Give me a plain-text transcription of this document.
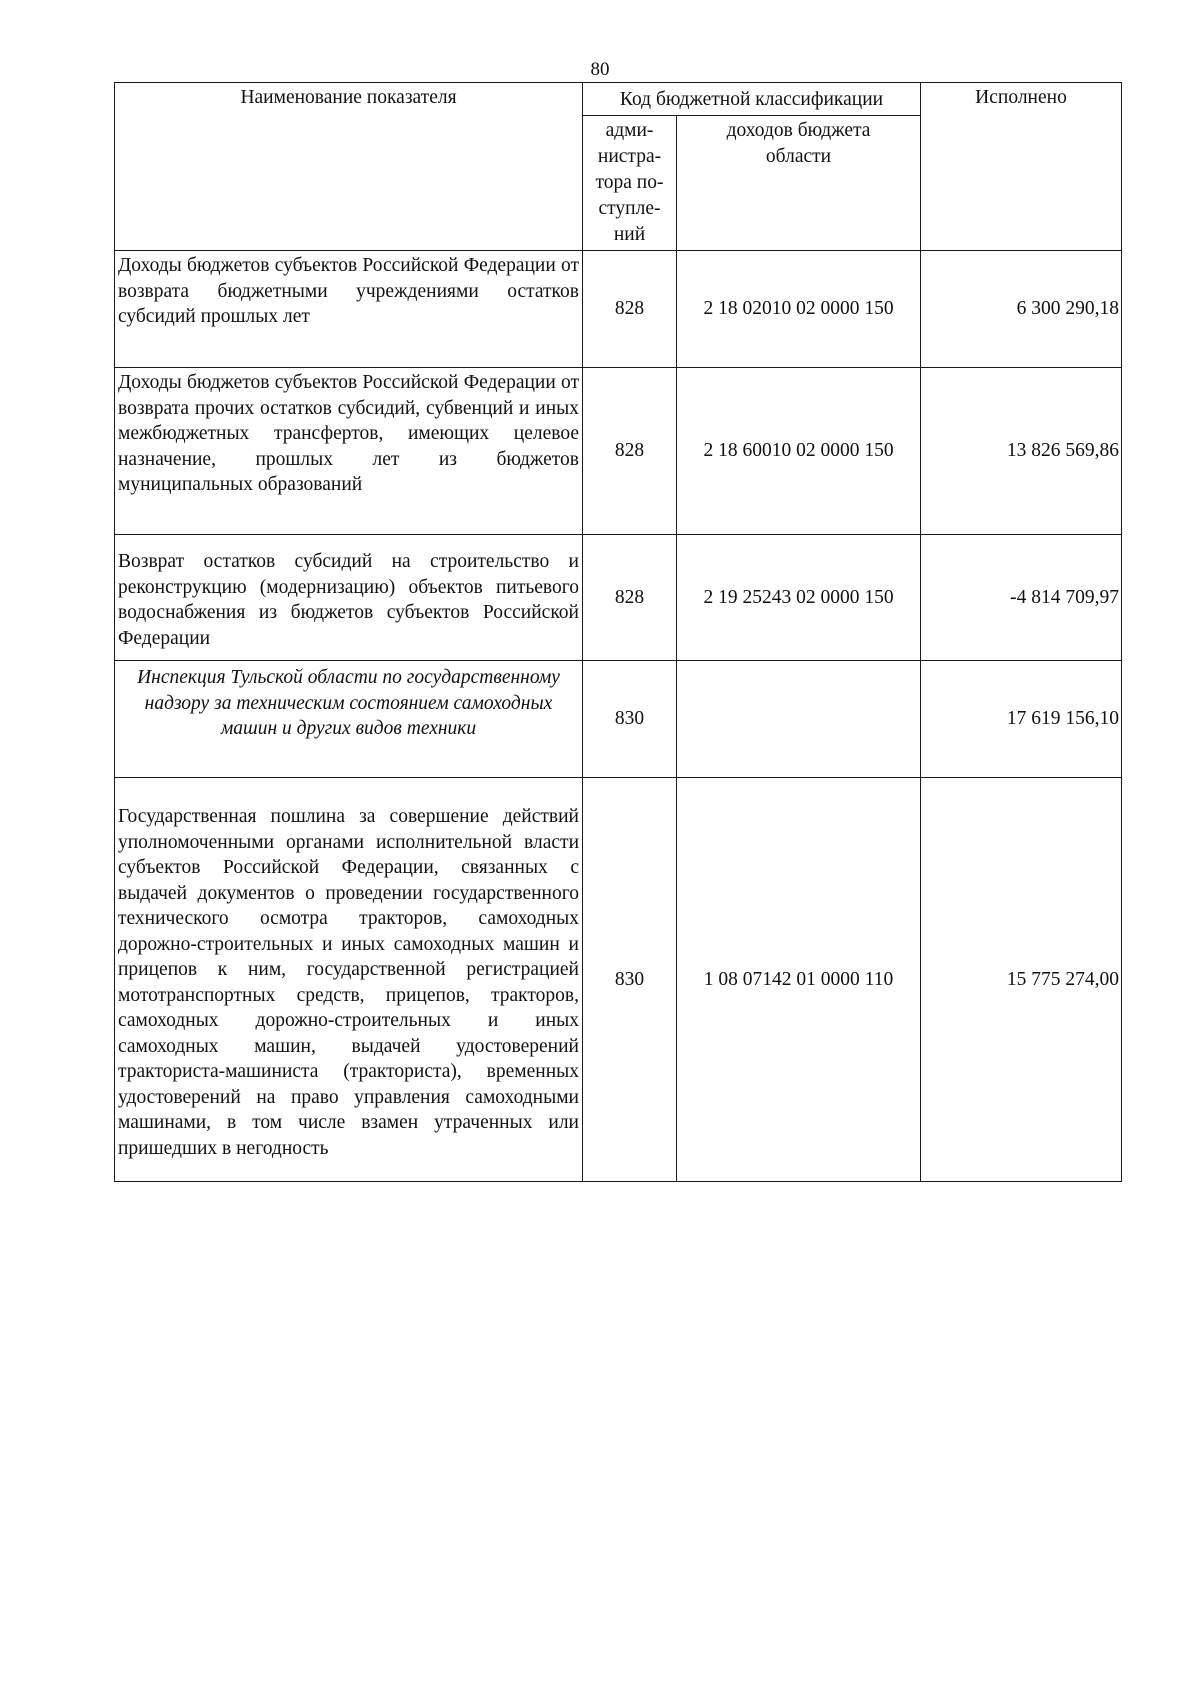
80
Наименование показателя	Код бюджетной классификации		Исполнено
	адми-
нистра-
тора по-
ступле-
ний	доходов бюджета
области	
Доходы бюджетов субъектов Российской Федерации от возврата бюджетными учреждениями остатков субсидий прошлых лет	828	2 18 02010 02 0000 150	6 300 290,18
Доходы бюджетов субъектов Российской Федерации от возврата прочих остатков субсидий, субвенций и иных межбюджетных трансфертов, имеющих целевое назначение, прошлых лет из бюджетов муниципальных образований	828	2 18 60010 02 0000 150	13 826 569,86
Возврат остатков субсидий на строительство и реконструкцию (модернизацию) объектов питьевого водоснабжения из бюджетов субъектов Российской Федерации	828	2 19 25243 02 0000 150	-4 814 709,97
Инспекция Тульской области по государственному надзору за техническим состоянием самоходных машин и других видов техники	830		17 619 156,10
Государственная пошлина за совершение действий уполномоченными органами исполнительной власти субъектов Российской Федерации, связанных с выдачей документов о проведении государственного технического осмотра тракторов, самоходных дорожно-строительных и иных самоходных машин и прицепов к ним, государственной регистрацией мототранспортных средств, прицепов, тракторов, самоходных дорожно-строительных и иных самоходных машин, выдачей удостоверений тракториста-машиниста (тракториста), временных удостоверений на право управления самоходными машинами, в том числе взамен утраченных или пришедших в негодность	830	1 08 07142 01 0000 110	15 775 274,00
